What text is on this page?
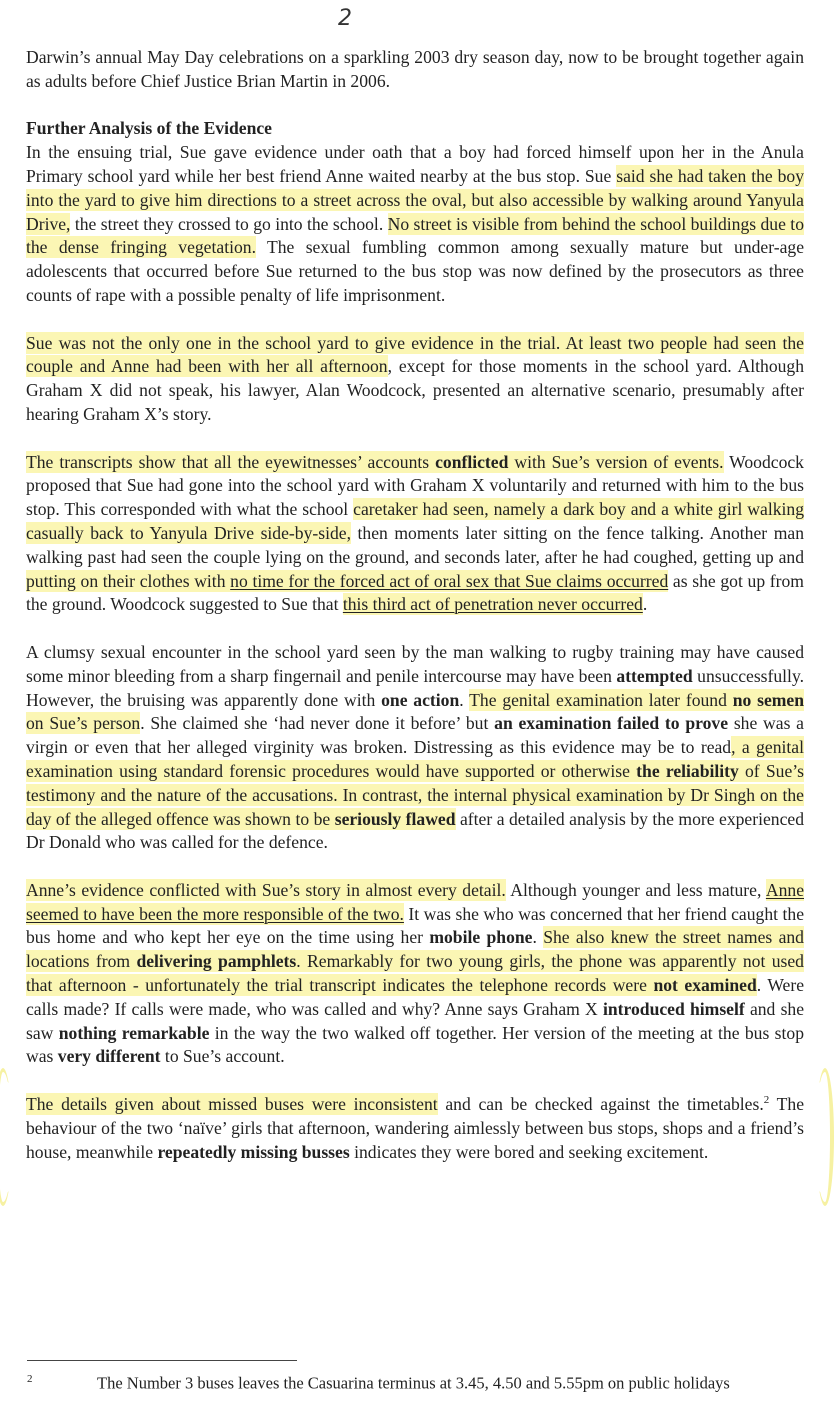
2

Darwin’s annual May Day celebrations on a sparkling 2003 dry season day, now to be brought together again as adults before Chief Justice Brian Martin in 2006.

Further Analysis of the Evidence

In the ensuing trial, Sue gave evidence under oath that a boy had forced himself upon her in the Anula Primary school yard while her best friend Anne waited nearby at the bus stop. Sue said she had taken the boy into the yard to give him directions to a street across the oval, but also accessible by walking around Yanyula Drive, the street they crossed to go into the school. No street is visible from behind the school buildings due to the dense fringing vegetation. The sexual fumbling common among sexually mature but under-age adolescents that occurred before Sue returned to the bus stop was now defined by the prosecutors as three counts of rape with a possible penalty of life imprisonment.

Sue was not the only one in the school yard to give evidence in the trial. At least two people had seen the couple and Anne had been with her all afternoon, except for those moments in the school yard. Although Graham X did not speak, his lawyer, Alan Woodcock, presented an alternative scenario, presumably after hearing Graham X’s story.

The transcripts show that all the eyewitnesses’ accounts conflicted with Sue’s version of events. Woodcock proposed that Sue had gone into the school yard with Graham X voluntarily and returned with him to the bus stop. This corresponded with what the school caretaker had seen, namely a dark boy and a white girl walking casually back to Yanyula Drive side-by-side, then moments later sitting on the fence talking. Another man walking past had seen the couple lying on the ground, and seconds later, after he had coughed, getting up and putting on their clothes with no time for the forced act of oral sex that Sue claims occurred as she got up from the ground. Woodcock suggested to Sue that this third act of penetration never occurred.

A clumsy sexual encounter in the school yard seen by the man walking to rugby training may have caused some minor bleeding from a sharp fingernail and penile intercourse may have been attempted unsuccessfully. However, the bruising was apparently done with one action. The genital examination later found no semen on Sue’s person. She claimed she ‘had never done it before’ but an examination failed to prove she was a virgin or even that her alleged virginity was broken. Distressing as this evidence may be to read, a genital examination using standard forensic procedures would have supported or otherwise the reliability of Sue’s testimony and the nature of the accusations. In contrast, the internal physical examination by Dr Singh on the day of the alleged offence was shown to be seriously flawed after a detailed analysis by the more experienced Dr Donald who was called for the defence.

Anne’s evidence conflicted with Sue’s story in almost every detail. Although younger and less mature, Anne seemed to have been the more responsible of the two. It was she who was concerned that her friend caught the bus home and who kept her eye on the time using her mobile phone. She also knew the street names and locations from delivering pamphlets. Remarkably for two young girls, the phone was apparently not used that afternoon - unfortunately the trial transcript indicates the telephone records were not examined. Were calls made? If calls were made, who was called and why? Anne says Graham X introduced himself and she saw nothing remarkable in the way the two walked off together. Her version of the meeting at the bus stop was very different to Sue’s account.

The details given about missed buses were inconsistent and can be checked against the timetables.$^2$ The behaviour of the two ‘naïve’ girls that afternoon, wandering aimlessly between bus stops, shops and a friend’s house, meanwhile repeatedly missing busses indicates they were bored and seeking excitement.

2	The Number 3 buses leaves the Casuarina terminus at 3.45, 4.50 and 5.55pm on public holidays
